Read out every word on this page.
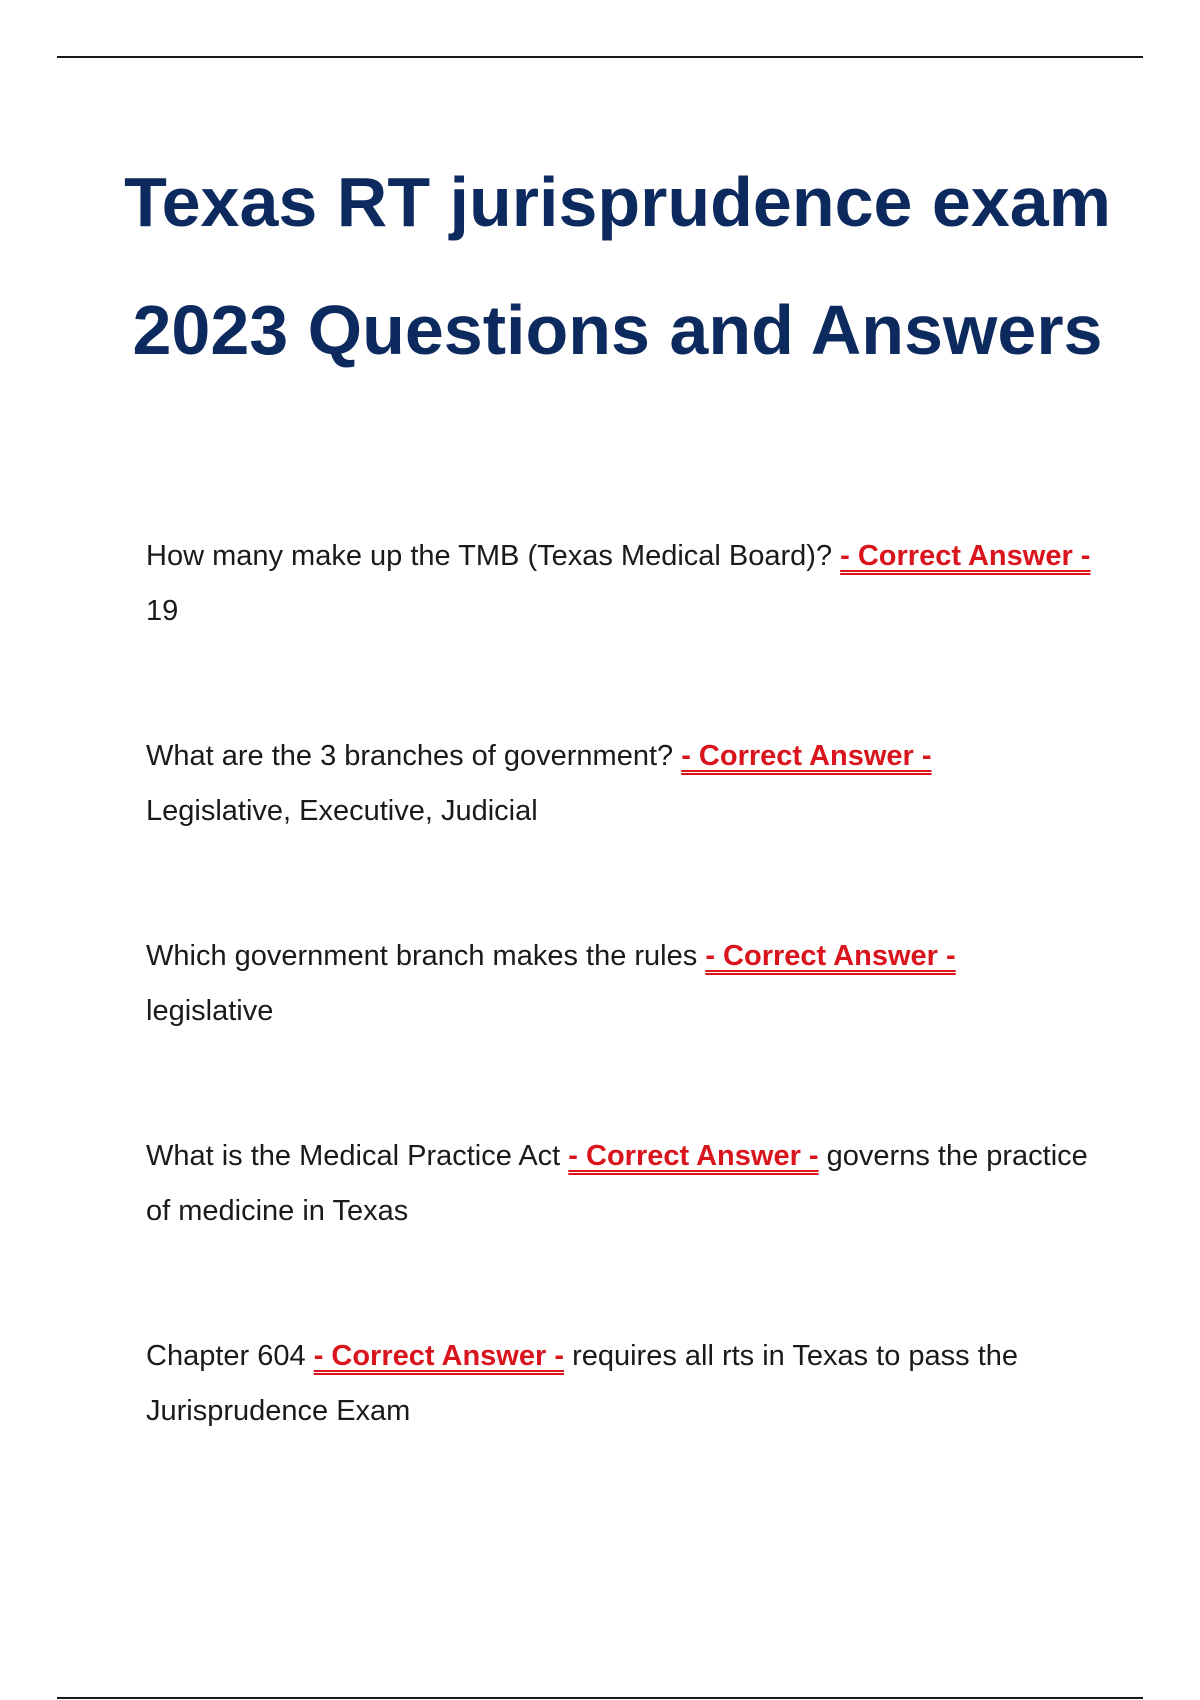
Texas RT jurisprudence exam 2023 Questions and Answers

How many make up the TMB (Texas Medical Board)? - Correct Answer - 19

What are the 3 branches of government? - Correct Answer -
Legislative, Executive, Judicial

Which government branch makes the rules - Correct Answer -
legislative

What is the Medical Practice Act - Correct Answer - governs the practice of medicine in Texas

Chapter 604 - Correct Answer - requires all rts in Texas to pass the Jurisprudence Exam
